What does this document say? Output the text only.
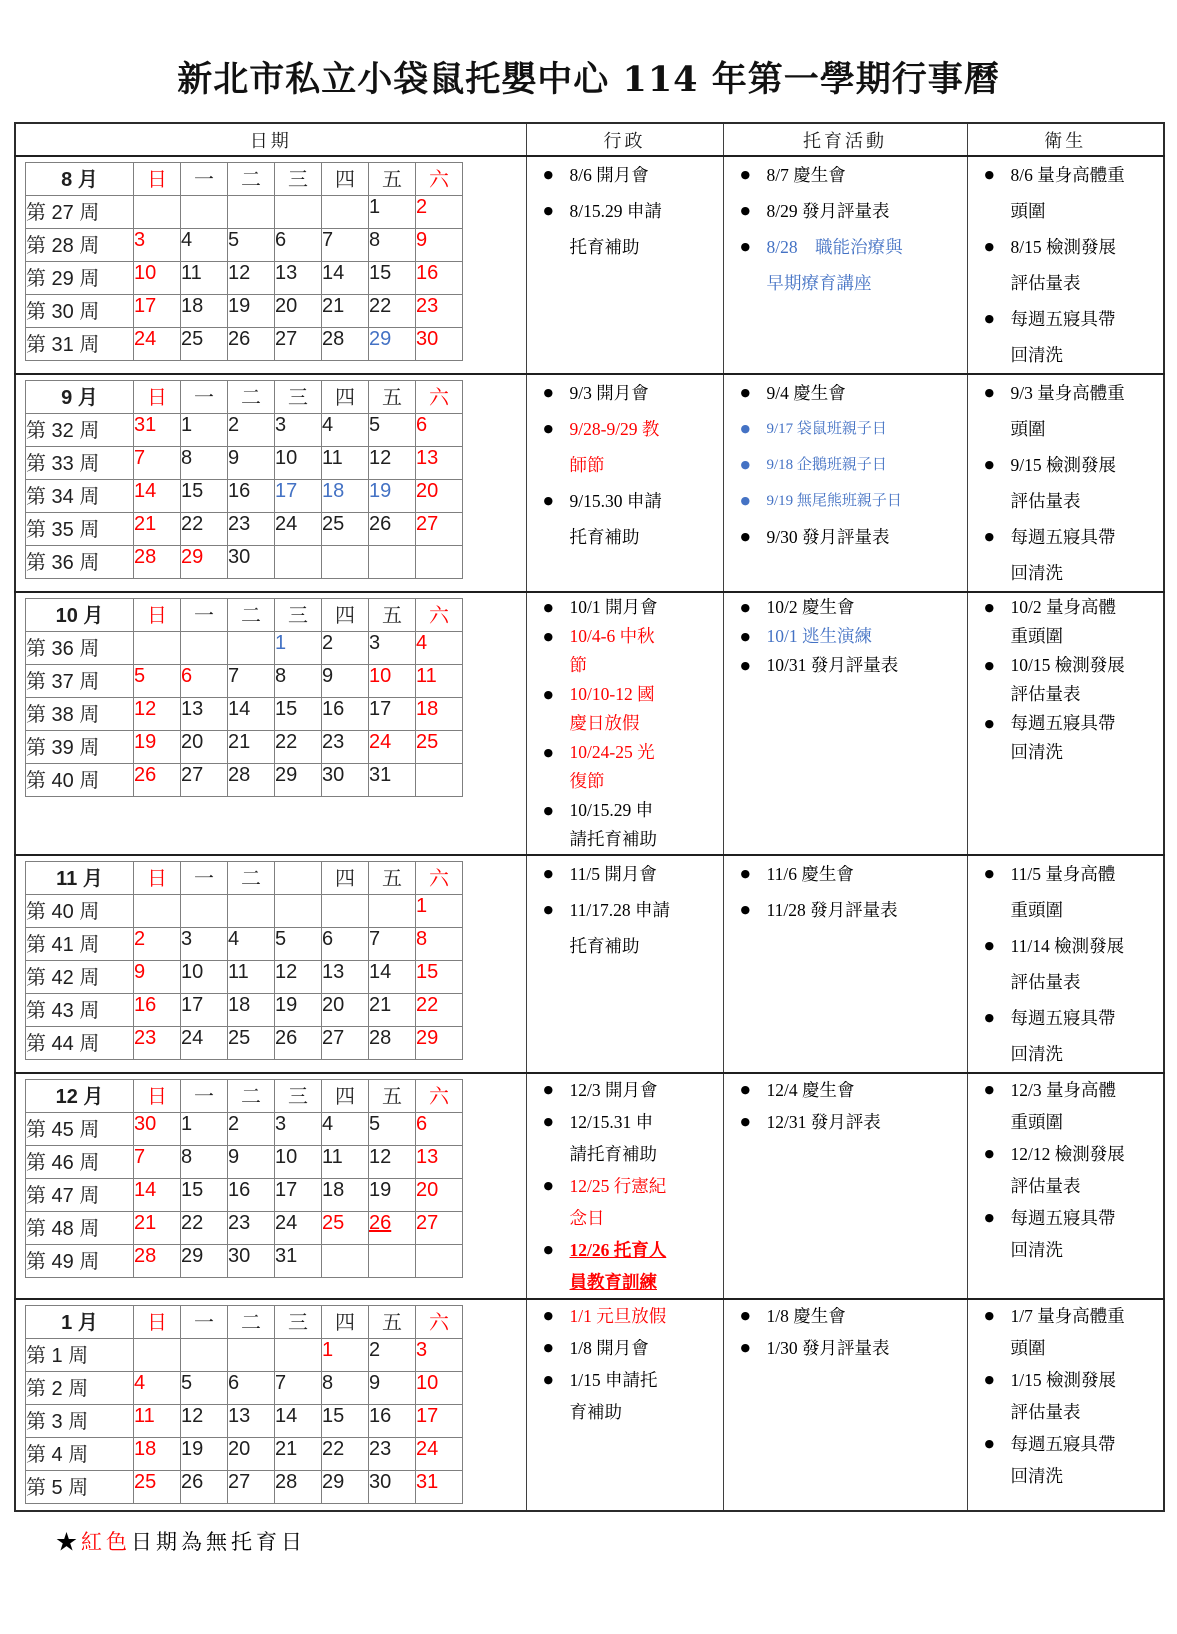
新北市私立小袋鼠托嬰中心 114 年第一學期行事曆
日期	行政	托育活動	衛生

8 月	日	一	二	三	四	五	六
第 27 周						1	2
第 28 周	3	4	5	6	7	8	9
第 29 周	10	11	12	13	14	15	16
第 30 周	17	18	19	20	21	22	23
第 31 周	24	25	26	27	28	29	30

● 8/6 開月會
● 8/15.29 申請托育補助

● 8/7 慶生會
● 8/29 發月評量表
● 8/28　職能治療與早期療育講座

● 8/6 量身高體重頭圍
● 8/15 檢測發展評估量表
● 每週五寢具帶回清洗

9 月	日	一	二	三	四	五	六
第 32 周	31	1	2	3	4	5	6
第 33 周	7	8	9	10	11	12	13
第 34 周	14	15	16	17	18	19	20
第 35 周	21	22	23	24	25	26	27
第 36 周	28	29	30				

● 9/3 開月會
● 9/28-9/29 教師節
● 9/15.30 申請托育補助

● 9/4 慶生會
●	9/17 袋鼠班親子日
●	9/18 企鵝班親子日
●	9/19 無尾熊班親子日
● 9/30 發月評量表

● 9/3 量身高體重頭圍
● 9/15 檢測發展評估量表
● 每週五寢具帶回清洗

10 月	日	一	二	三	四	五	六
第 36 周				1	2	3	4
第 37 周	5	6	7	8	9	10	11
第 38 周	12	13	14	15	16	17	18
第 39 周	19	20	21	22	23	24	25
第 40 周	26	27	28	29	30	31	

● 10/1 開月會
● 10/4-6 中秋節
● 10/10-12 國慶日放假
● 10/24-25 光復節
● 10/15.29 申請托育補助

● 10/2 慶生會
● 10/1 逃生演練
● 10/31 發月評量表

● 10/2 量身高體重頭圍
● 10/15 檢測發展評估量表
● 每週五寢具帶回清洗

11 月	日	一	二		四	五	六
第 40 周							1
第 41 周	2	3	4	5	6	7	8
第 42 周	9	10	11	12	13	14	15
第 43 周	16	17	18	19	20	21	22
第 44 周	23	24	25	26	27	28	29

● 11/5 開月會
● 11/17.28 申請托育補助

● 11/6 慶生會
● 11/28 發月評量表

● 11/5 量身高體重頭圍
● 11/14 檢測發展評估量表
● 每週五寢具帶回清洗

12 月	日	一	二	三	四	五	六
第 45 周	30	1	2	3	4	5	6
第 46 周	7	8	9	10	11	12	13
第 47 周	14	15	16	17	18	19	20
第 48 周	21	22	23	24	25	26	27
第 49 周	28	29	30	31			

● 12/3 開月會
● 12/15.31 申請托育補助
● 12/25 行憲紀念日
● 12/26 托育人員教育訓練

● 12/4 慶生會
● 12/31 發月評表

● 12/3 量身高體重頭圍
● 12/12 檢測發展評估量表
● 每週五寢具帶回清洗

1 月	日	一	二	三	四	五	六
第 1 周					1	2	3
第 2 周	4	5	6	7	8	9	10
第 3 周	11	12	13	14	15	16	17
第 4 周	18	19	20	21	22	23	24
第 5 周	25	26	27	28	29	30	31

● 1/1 元旦放假
● 1/8 開月會
● 1/15 申請托育補助

● 1/8 慶生會
● 1/30 發月評量表

● 1/7 量身高體重頭圍
● 1/15 檢測發展評估量表
● 每週五寢具帶回清洗
★紅色日期為無托育日
